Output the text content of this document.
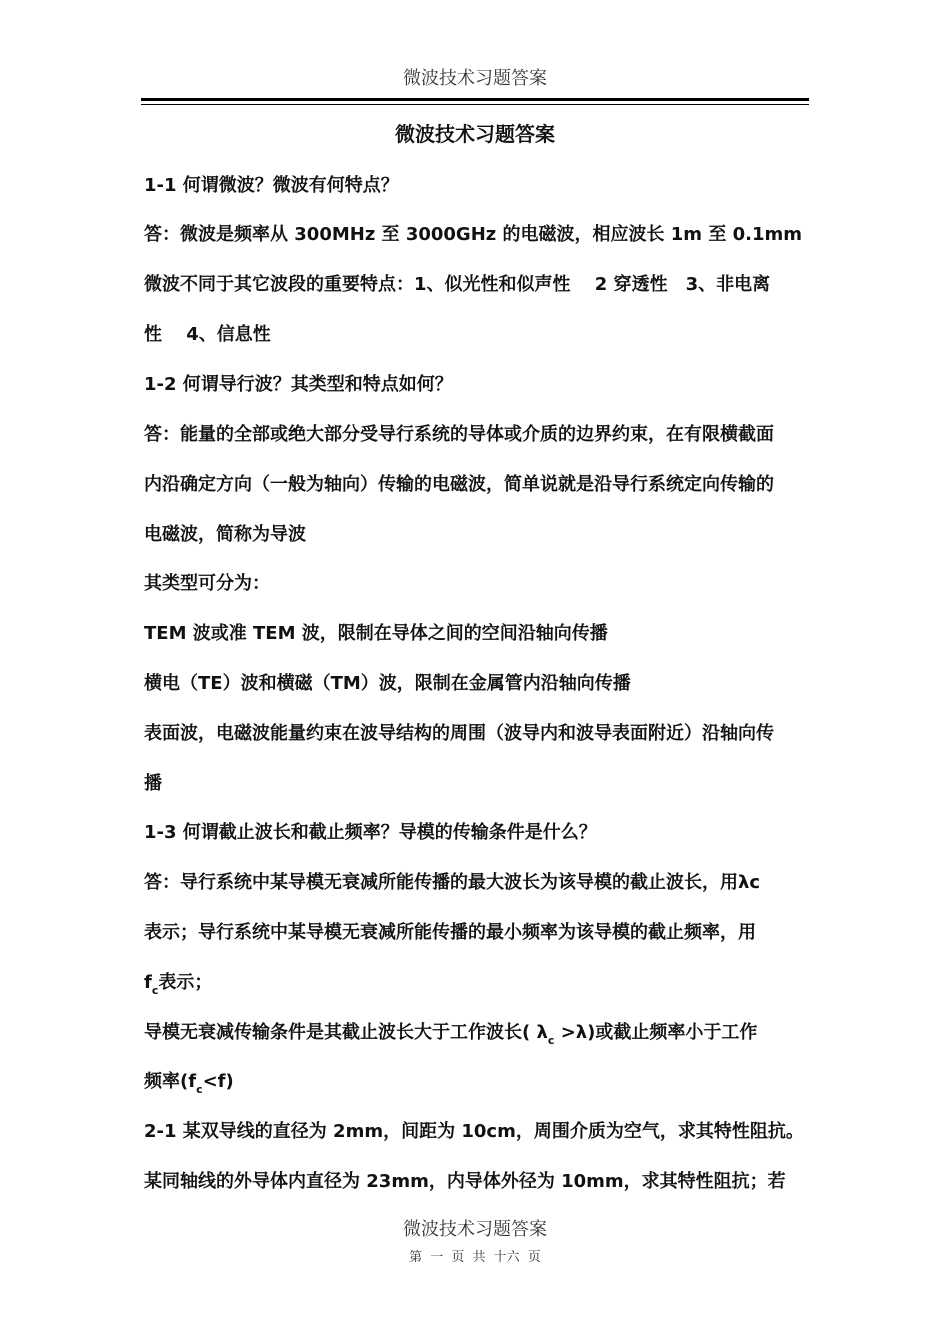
微波技术习题答案
微波技术习题答案
1-1 何谓微波？微波有何特点？
答：微波是频率从 300MHz 至 3000GHz 的电磁波，相应波长 1m 至 0.1mm
微波不同于其它波段的重要特点：1、似光性和似声性　 2 穿透性　3、非电离
性　 4、信息性
1-2 何谓导行波？其类型和特点如何？
答：能量的全部或绝大部分受导行系统的导体或介质的边界约束，在有限横截面
内沿确定方向（一般为轴向）传输的电磁波，简单说就是沿导行系统定向传输的
电磁波，简称为导波
其类型可分为：
TEM 波或准 TEM 波，限制在导体之间的空间沿轴向传播
横电（TE）波和横磁（TM）波，限制在金属管内沿轴向传播
表面波，电磁波能量约束在波导结构的周围（波导内和波导表面附近）沿轴向传
播
1-3 何谓截止波长和截止频率？导模的传输条件是什么？
答：导行系统中某导模无衰减所能传播的最大波长为该导模的截止波长，用λc
表示；导行系统中某导模无衰减所能传播的最小频率为该导模的截止频率，用
$f_c$表示；
导模无衰减传输条件是其截止波长大于工作波长( $\lambda_c >\lambda$)或截止频率小于工作
频率$(f_c<f)$
2-1 某双导线的直径为 2mm，间距为 10cm，周围介质为空气，求其特性阻抗。
某同轴线的外导体内直径为 23mm，内导体外径为 10mm，求其特性阻抗；若
微波技术习题答案
第 一 页 共 十六 页
